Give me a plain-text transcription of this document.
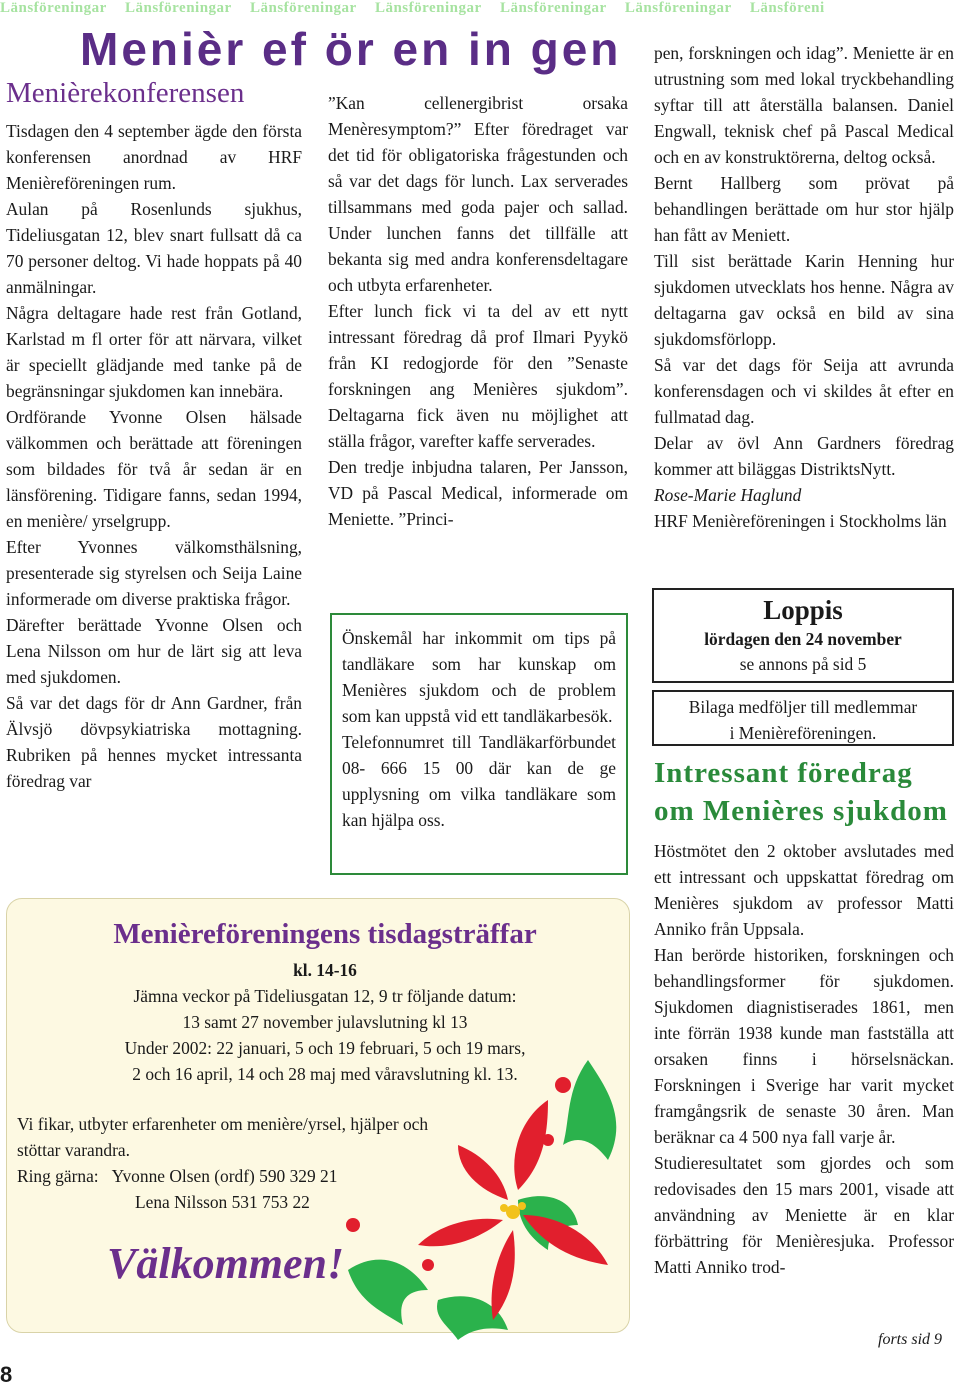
Länsföreningar Länsföreningar Länsföreningar Länsföreningar Länsföreningar Länsföreningar Länsföreni
Menièr ef ör en in gen
Menièrekonferensen

Tisdagen den 4 september ägde den första konferensen anordnad av HRF Menièreföreningen rum.

Aulan på Rosenlunds sjukhus, Tideliusgatan 12, blev snart fullsatt då ca 70 personer deltog. Vi hade hoppats på 40 anmälningar.

Några deltagare hade rest från Gotland, Karlstad m fl orter för att närvara, vilket är speciellt glädjande med tanke på de begränsningar sjukdomen kan innebära.

Ordförande Yvonne Olsen hälsade välkommen och berättade att föreningen som bildades för två år sedan är en länsförening. Tidigare fanns, sedan 1994, en menière/ yrselgrupp.

Efter Yvonnes välkomsthälsning, presenterade sig styrelsen och Seija Laine informerade om diverse praktiska frågor.

Därefter berättade Yvonne Olsen och Lena Nilsson om hur de lärt sig att leva med sjukdomen.

Så var det dags för dr Ann Gardner, från Älvsjö dövpsykiatriska mottagning. Rubriken på hennes mycket intressanta föredrag var

”Kan cellenergibrist orsaka Menèresymptom?” Efter föredraget var det tid för obligatoriska frågestunden och så var det dags för lunch. Lax serverades tillsammans med goda pajer och sallad. Under lunchen fanns det tillfälle att bekanta sig med andra konferensdeltagare och utbyta erfarenheter.

Efter lunch fick vi ta del av ett nytt intressant föredrag då prof Ilmari Pyykö från KI redogjorde för den ”Senaste forskningen ang Menières sjukdom”. Deltagarna fick även nu möjlighet att ställa frågor, varefter kaffe serverades.

Den tredje inbjudna talaren, Per Jansson, VD på Pascal Medical, informerade om Meniette. ”Princi-

Önskemål har inkommit om tips på tandläkare som har kunskap om Menières sjukdom och de problem som kan uppstå vid ett tandläkarbesök.

Telefonnumret till Tandläkarförbundet 08- 666 15 00 där kan de ge upplysning om vilka tandläkare som kan hjälpa oss.

pen, forskningen och idag”. Meniette är en utrustning som med lokal tryckbehandling syftar till att återställa balansen. Daniel Engwall, teknisk chef på Pascal Medical och en av konstruktörerna, deltog också.

Bernt Hallberg som prövat på behandlingen berättade om hur stor hjälp han fått av Meniett.

Till sist berättade Karin Henning hur sjukdomen utvecklats hos henne. Några av deltagarna gav också en bild av sina sjukdomsförlopp.

Så var det dags för Seija att avrunda konferensdagen och vi skildes åt efter en fullmatad dag.

Delar av övl Ann Gardners föredrag kommer att biläggas DistriktsNytt.

Rose-Marie Haglund

HRF Menièreföreningen i Stockholms län

Loppis
lördagen den 24 november
se annons på sid 5
Bilaga medfölјer till medlemmar
i Menièreföreningen.
Intressant föredrag
om Menières sjukdom

Höstmötet den 2 oktober avslutades med ett intressant och uppskattat föredrag om Menières sjukdom av professor Matti Anniko från Uppsala.

Han berörde historiken, forskningen och behandlingsformer för sjukdomen. Sjukdomen diagnistiserades 1861, men inte förrän 1938 kunde man fastställa att orsaken finns i hörselsnäckan. Forskningen i Sverige har varit mycket framgångsrik de senaste 30 åren. Man beräknar ca 4 500 nya fall varje år.

Studieresultatet som gjordes och som redovisades den 15 mars 2001, visade att användning av Meniette är en klar förbättring för Menièresjuka. Professor Matti Anniko trod-

forts sid 9
Menièreföreningens tisdagsträffar
kl. 14-16
Jämna veckor på Tideliusgatan 12, 9 tr följande datum:
13 samt 27 november julavslutning kl 13
Under 2002: 22 januari, 5 och 19 februari, 5 och 19 mars,
2 och 16 april, 14 och 28 maj med våravslutning kl. 13.
Vi fikar, utbyter erfarenheter om menière/yrsel, hjälper och stöttar varandra.
Ring gärna: Yvonne Olsen (ordf) 590 329 21
Lena Nilsson 531 753 22
Välkommen!
8
